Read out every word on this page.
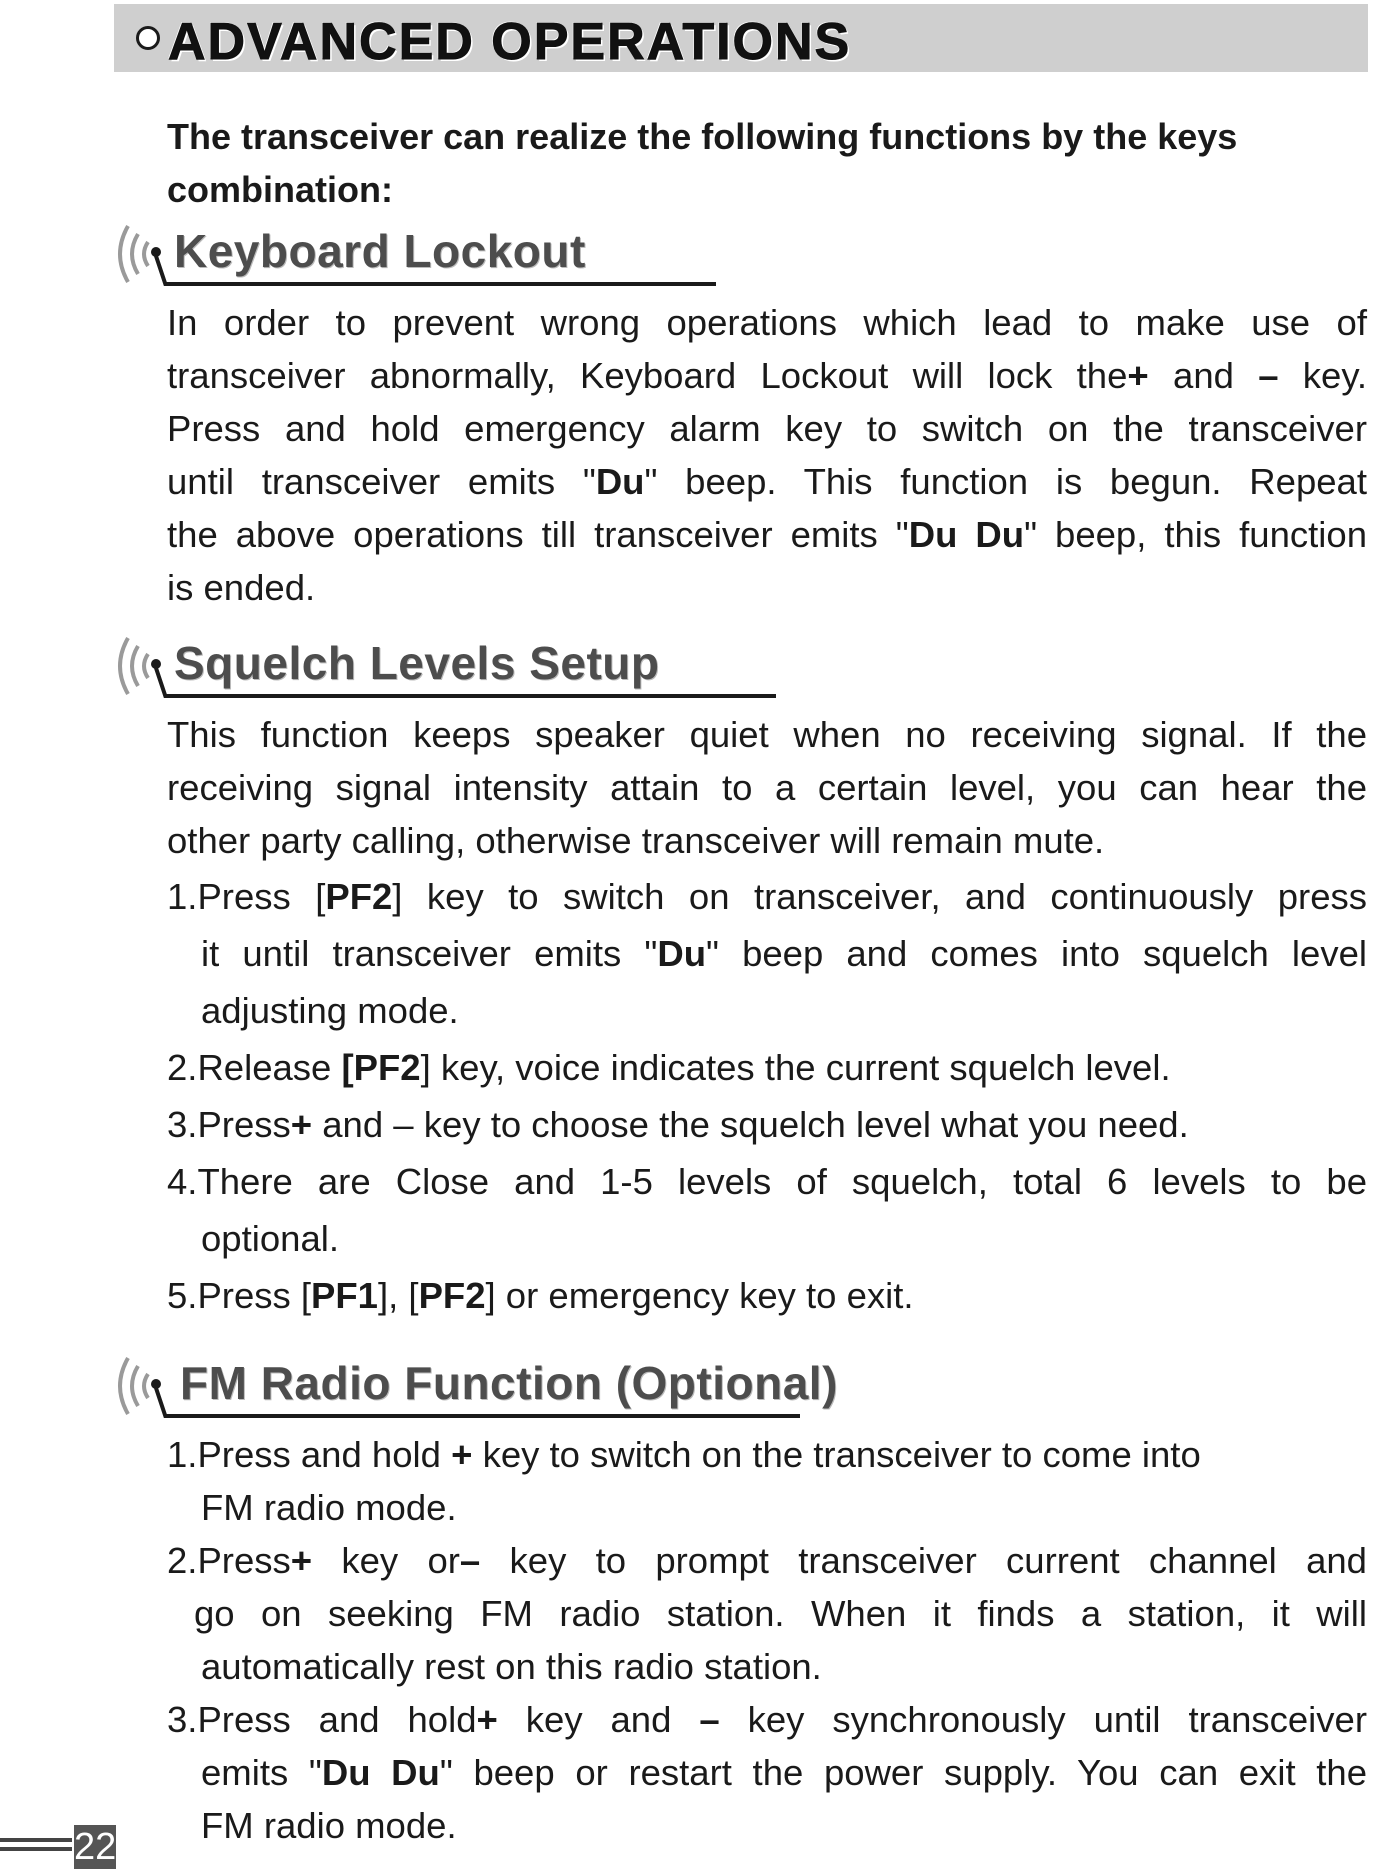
ADVANCED OPERATIONS
The transceiver can realize the following functions by the keys combination:
Keyboard Lockout
In order to prevent wrong operations which lead to make use of
transceiver abnormally, Keyboard Lockout will lock the+ and – key.
Press and hold emergency alarm key to switch on the transceiver
until transceiver emits "Du" beep. This function is begun. Repeat
the above operations till transceiver emits "Du Du" beep, this function
is ended.
Squelch Levels Setup
This function keeps speaker quiet when no receiving signal. If the
receiving signal intensity attain to a certain level, you can hear the
other party calling, otherwise transceiver will remain mute.
1.Press [PF2] key to switch on transceiver, and continuously press
it until transceiver emits "Du" beep and comes into squelch level
adjusting mode.
2.Release [PF2] key, voice indicates the current squelch level.
3.Press+ and – key to choose the squelch level what you need.
4.There are Close and 1-5 levels of squelch, total 6 levels to be
optional.
5.Press [PF1], [PF2] or emergency key to exit.
FM Radio Function (Optional)
1.Press and hold + key to switch on the transceiver to come into
FM radio mode.
2.Press+ key or– key to prompt transceiver current channel and
go on seeking FM radio station. When it finds a station, it will
automatically rest on this radio station.
3.Press and hold+ key and – key synchronously until transceiver
emits "Du Du" beep or restart the power supply. You can exit the
FM radio mode.
22
